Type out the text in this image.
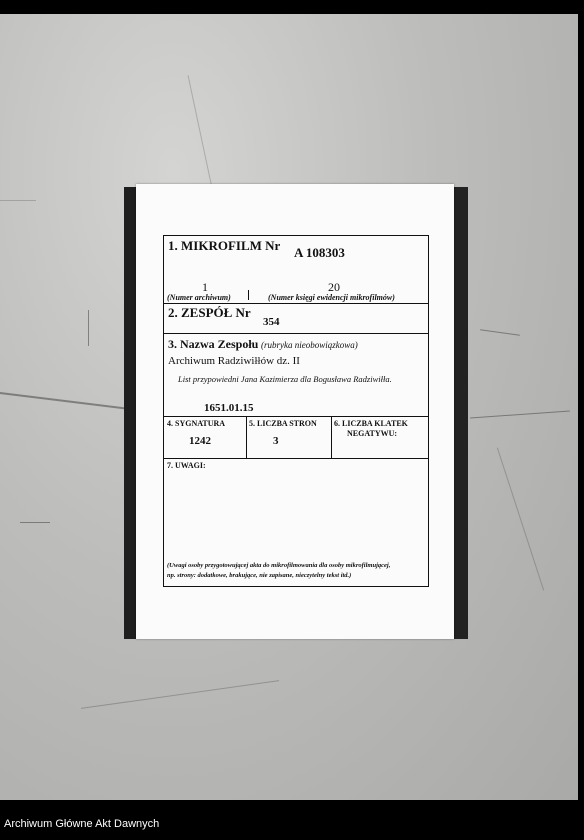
1. MIKROFILM Nr A 108303
1	20
(Numer archiwum)	(Numer księgi ewidencji mikrofilmów)
2. ZESPÓŁ Nr
354
3. Nazwa Zespołu (rubryka nieobowiązkowa)
Archiwum Radziwiłłów dz. II
List przypowiedni Jana Kazimierza dla Bogusława Radziwiłła.
1651.01.15
4. SYGNATURA
1242
5. LICZBA STRON
3
6. LICZBA KLATEK
NEGATYWU:
7. UWAGI:
(Uwagi osoby przygotowującej akta do mikrofilmowania dla osoby mikrofilmującej,
np. strony: dodatkowe, brakujące, nie zapisane, nieczytelny tekst itd.)
Archiwum Główne Akt Dawnych
